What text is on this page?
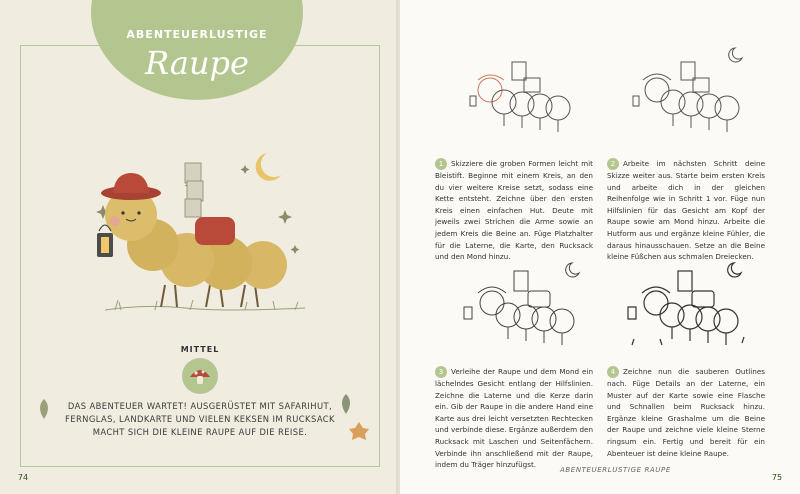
ABENTEUERLUSTIGE
Raupe
MITTEL
DAS ABENTEUER WARTET! AUSGERÜSTET MIT SAFARIHUT, FERNGLAS, LANDKARTE UND VIELEN KEKSEN IM RUCKSACK MACHT SICH DIE KLEINE RAUPE AUF DIE REISE.
74
1 Skizziere die groben Formen leicht mit Bleistift. Beginne mit einem Kreis, an den du vier weitere Kreise setzt, sodass eine Kette entsteht. Zeichne über den ersten Kreis einen einfachen Hut. Deute mit jeweils zwei Strichen die Arme sowie an jedem Kreis die Beine an. Füge Platzhalter für die Laterne, die Karte, den Rucksack und den Mond hinzu.
2 Arbeite im nächsten Schritt deine Skizze weiter aus. Starte beim ersten Kreis und arbeite dich in der gleichen Reihenfolge wie in Schritt 1 vor. Füge nun Hilfslinien für das Gesicht am Kopf der Raupe sowie am Mond hinzu. Arbeite die Hutform aus und ergänze kleine Fühler, die daraus hinausschauen. Setze an die Beine kleine Füßchen aus schmalen Dreiecken.
3 Verleihe der Raupe und dem Mond ein lächelndes Gesicht entlang der Hilfslinien. Zeichne die Laterne und die Kerze darin ein. Gib der Raupe in die andere Hand eine Karte aus drei leicht versetzten Rechtecken und verbinde diese. Ergänze außerdem den Rucksack mit Laschen und Seitenfächern. Verbinde ihn anschließend mit der Raupe, indem du Träger hinzufügst.
4 Zeichne nun die sauberen Outlines nach. Füge Details an der Laterne, ein Muster auf der Karte sowie eine Flasche und Schnallen beim Rucksack hinzu. Ergänze kleine Grashalme um die Beine der Raupe und zeichne viele kleine Sterne ringsum ein. Fertig und bereit für ein Abenteuer ist deine kleine Raupe.
ABENTEUERLUSTIGE RAUPE
75
